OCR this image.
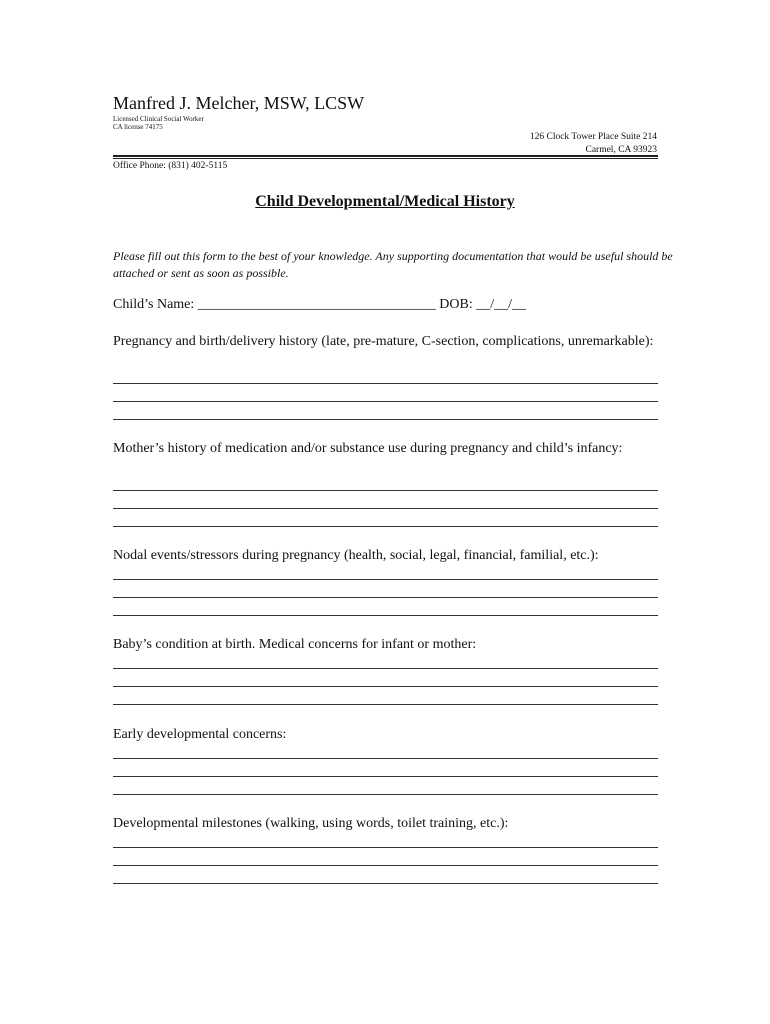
Manfred J. Melcher, MSW, LCSW
Licensed Clinical Social Worker
CA license 74175
126 Clock Tower Place Suite 214
Carmel, CA 93923
Office Phone: (831) 402-5115
Child Developmental/Medical History
Please fill out this form to the best of your knowledge. Any supporting documentation that would be useful should be attached or sent as soon as possible.
Child’s Name: __________________________________ DOB: __/__/__
Pregnancy and birth/delivery history (late, pre-mature, C-section, complications, unremarkable):
Mother’s history of medication and/or substance use during pregnancy and child’s infancy:
Nodal events/stressors during pregnancy (health, social, legal, financial, familial, etc.):
Baby’s condition at birth. Medical concerns for infant or mother:
Early developmental concerns:
Developmental milestones (walking, using words, toilet training, etc.):
